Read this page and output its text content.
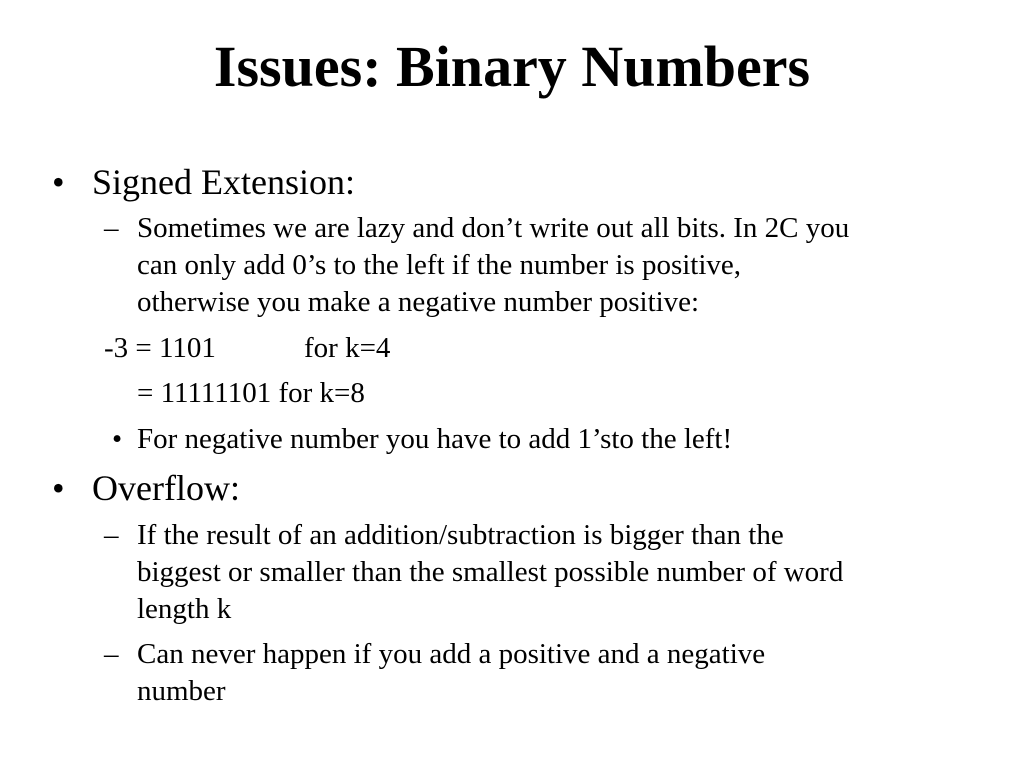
Issues: Binary Numbers
• Signed Extension:
– Sometimes we are lazy and don’t write out all bits. In 2C you
can only add 0’s to the left if the number is positive,
otherwise you make a negative number positive:
-3 = 1101	for k=4
= 11111101 for k=8
• For negative number you have to add 1’sto the left!
• Overflow:
– If the result of an addition/subtraction is bigger than the
biggest or smaller than the smallest possible number of word
length k
– Can never happen if you add a positive and a negative
number
